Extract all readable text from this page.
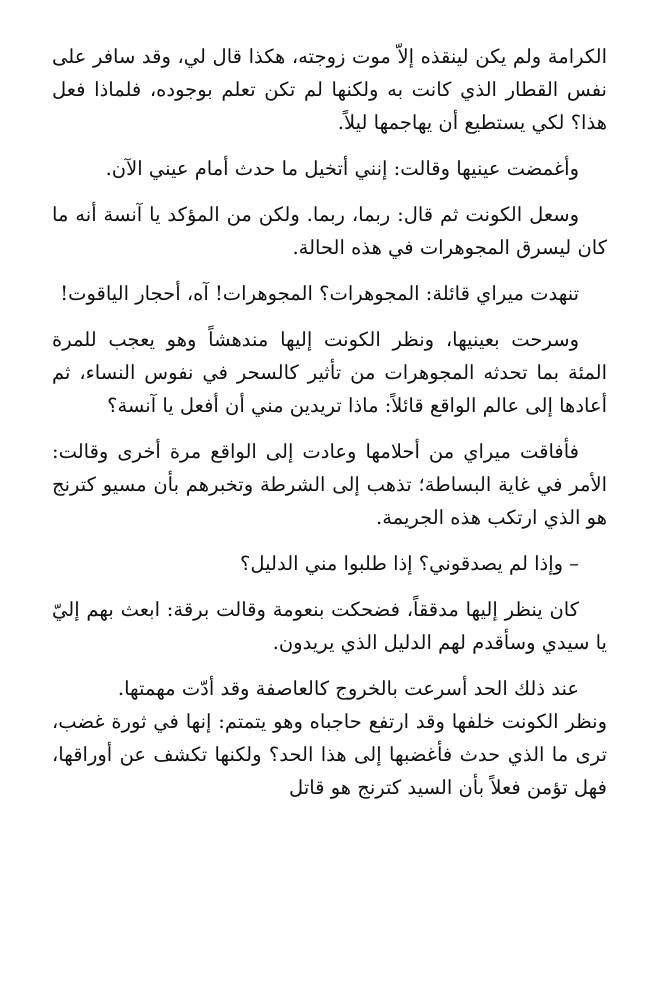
الكرامة ولم يكن لينقذه إلاّ موت زوجته، هكذا قال لي، وقد سافر على نفس القطار الذي كانت به ولكنها لم تكن تعلم بوجوده، فلماذا فعل هذا؟ لكي يستطيع أن يهاجمها ليلاً.

وأغمضت عينيها وقالت: إنني أتخيل ما حدث أمام عيني الآن.

وسعل الكونت ثم قال: ربما، ربما. ولكن من المؤكد يا آنسة أنه ما كان ليسرق المجوهرات في هذه الحالة.

تنهدت ميراي قائلة: المجوهرات؟ المجوهرات! آه، أحجار الياقوت!

وسرحت بعينيها، ونظر الكونت إليها مندهشاً وهو يعجب للمرة المئة بما تحدثه المجوهرات من تأثير كالسحر في نفوس النساء، ثم أعادها إلى عالم الواقع قائلاً: ماذا تريدين مني أن أفعل يا آنسة؟

فأفاقت ميراي من أحلامها وعادت إلى الواقع مرة أخرى وقالت: الأمر في غاية البساطة؛ تذهب إلى الشرطة وتخبرهم بأن مسيو كترنج هو الذي ارتكب هذه الجريمة.

– وإذا لم يصدقوني؟ إذا طلبوا مني الدليل؟

كان ينظر إليها مدققاً، فضحكت بنعومة وقالت برقة: ابعث بهم إليّ يا سيدي وسأقدم لهم الدليل الذي يريدون.

عند ذلك الحد أسرعت بالخروج كالعاصفة وقد أدّت مهمتها.

ونظر الكونت خلفها وقد ارتفع حاجباه وهو يتمتم: إنها في ثورة غضب، ترى ما الذي حدث فأغضبها إلى هذا الحد؟ ولكنها تكشف عن أوراقها، فهل تؤمن فعلاً بأن السيد كترنج هو قاتل
